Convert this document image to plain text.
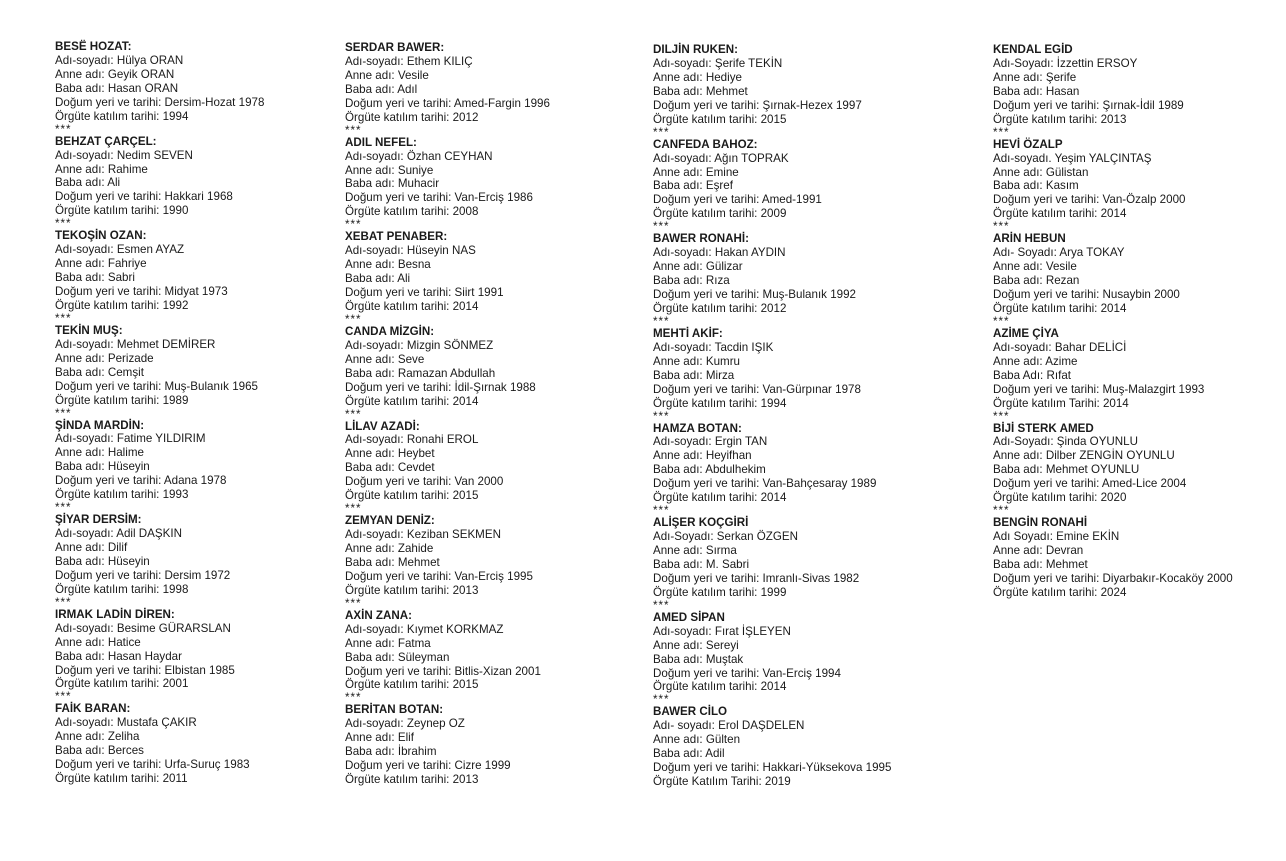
BESË HOZAT:
Adı-soyadı: Hülya ORAN
Anne adı: Geyik ORAN
Baba adı: Hasan ORAN
Doğum yeri ve tarihi: Dersim-Hozat 1978
Örgüte katılım tarihi: 1994
***
BEHZAT ÇARÇEL:
Adı-soyadı: Nedim SEVEN
Anne adı: Rahime
Baba adı: Ali
Doğum yeri ve tarihi: Hakkari 1968
Örgüte katılım tarihi: 1990
***
TEKOŞİN OZAN:
Adı-soyadı: Esmen AYAZ
Anne adı: Fahriye
Baba adı: Sabri
Doğum yeri ve tarihi: Midyat 1973
Örgüte katılım tarihi: 1992
***
TEKİN MUŞ:
Adı-soyadı: Mehmet DEMİRER
Anne adı: Perizade
Baba adı: Cemşit
Doğum yeri ve tarihi: Muş-Bulanık 1965
Örgüte katılım tarihi: 1989
***
ŞİNDA MARDİN:
Adı-soyadı: Fatime YILDIRIM
Anne adı: Halime
Baba adı: Hüseyin
Doğum yeri ve tarihi: Adana 1978
Örgüte katılım tarihi: 1993
***
ŞİYAR DERSİM:
Adı-soyadı: Adil DAŞKIN
Anne adı: Dilif
Baba adı: Hüseyin
Doğum yeri ve tarihi: Dersim 1972
Örgüte katılım tarihi: 1998
***
IRMAK LADİN DİREN:
Adı-soyadı: Besime GÜRARSLAN
Anne adı: Hatice
Baba adı: Hasan Haydar
Doğum yeri ve tarihi: Elbistan 1985
Örgüte katılım tarihi: 2001
***
FAİK BARAN:
Adı-soyadı: Mustafa ÇAKIR
Anne adı: Zeliha
Baba adı: Berces
Doğum yeri ve tarihi: Urfa-Suruç 1983
Örgüte katılım tarihi: 2011
SERDAR BAWER:
Adı-soyadı: Ethem KILIÇ
Anne adı: Vesile
Baba adı: Adıl
Doğum yeri ve tarihi: Amed-Fargin 1996
Örgüte katılım tarihi: 2012
***
ADIL NEFEL:
Adı-soyadı: Özhan CEYHAN
Anne adı: Suniye
Baba adı: Muhacir
Doğum yeri ve tarihi: Van-Erciş 1986
Örgüte katılım tarihi: 2008
***
XEBAT PENABER:
Adı-soyadı: Hüseyin NAS
Anne adı: Besna
Baba adı: Ali
Doğum yeri ve tarihi: Siirt 1991
Örgüte katılım tarihi: 2014
***
CANDA MİZGİN:
Adı-soyadı: Mizgin SÖNMEZ
Anne adı: Seve
Baba adı: Ramazan Abdullah
Doğum yeri ve tarihi: İdil-Şırnak 1988
Örgüte katılım tarihi: 2014
***
LİLAV AZADİ:
Adı-soyadı: Ronahi EROL
Anne adı: Heybet
Baba adı: Cevdet
Doğum yeri ve tarihi: Van 2000
Örgüte katılım tarihi: 2015
***
ZEMYAN DENİZ:
Adı-soyadı: Keziban SEKMEN
Anne adı: Zahide
Baba adı: Mehmet
Doğum yeri ve tarihi: Van-Erciş 1995
Örgüte katılım tarihi: 2013
***
AXİN ZANA:
Adı-soyadı: Kıymet KORKMAZ
Anne adı: Fatma
Baba adı: Süleyman
Doğum yeri ve tarihi: Bitlis-Xizan 2001
Örgüte katılım tarihi: 2015
***
BERİTAN BOTAN:
Adı-soyadı: Zeynep OZ
Anne adı: Elif
Baba adı: İbrahim
Doğum yeri ve tarihi: Cizre 1999
Örgüte katılım tarihi: 2013
DILJİN RUKEN:
Adı-soyadı: Şerife TEKİN
Anne adı: Hediye
Baba adı: Mehmet
Doğum yeri ve tarihi: Şırnak-Hezex 1997
Örgüte katılım tarihi: 2015
***
CANFEDA BAHOZ:
Adı-soyadı: Ağın TOPRAK
Anne adı: Emine
Baba adı: Eşref
Doğum yeri ve tarihi: Amed-1991
Örgüte katılım tarihi: 2009
***
BAWER RONAHİ:
Adı-soyadı: Hakan AYDIN
Anne adı: Gülizar
Baba adı: Rıza
Doğum yeri ve tarihi: Muş-Bulanık 1992
Örgüte katılım tarihi: 2012
***
MEHTİ AKİF:
Adı-soyadı: Tacdin IŞIK
Anne adı: Kumru
Baba adı: Mirza
Doğum yeri ve tarihi: Van-Gürpınar 1978
Örgüte katılım tarihi: 1994
***
HAMZA BOTAN:
Adı-soyadı: Ergin TAN
Anne adı: Heyifhan
Baba adı: Abdulhekim
Doğum yeri ve tarihi: Van-Bahçesaray 1989
Örgüte katılım tarihi: 2014
***
ALİŞER KOÇGİRİ
Adı-Soyadı: Serkan ÖZGEN
Anne adı: Sırma
Baba adı: M. Sabri
Doğum yeri ve tarihi: Imranlı-Sivas 1982
Örgüte katılım tarihi: 1999
***
AMED SİPAN
Adı-soyadı: Fırat İŞLEYEN
Anne adı: Sereyi
Baba adı: Muştak
Doğum yeri ve tarihi: Van-Erciş 1994
Örgüte katılım tarihi: 2014
***
BAWER CİLO
Adı- soyadı: Erol DAŞDELEN
Anne adı: Gülten
Baba adı: Adil
Doğum yeri ve tarihi: Hakkari-Yüksekova 1995
Örgüte Katılım Tarihi: 2019
KENDAL EGİD
Adı-Soyadı: İzzettin ERSOY
Anne adı: Şerife
Baba adı: Hasan
Doğum yeri ve tarihi: Şırnak-İdil 1989
Örgüte katılım tarihi: 2013
***
HEVİ ÖZALP
Adı-soyadı. Yeşim YALÇINTAŞ
Anne adı: Gülistan
Baba adı: Kasım
Doğum yeri ve tarihi: Van-Özalp 2000
Örgüte katılım tarihi: 2014
***
ARİN HEBUN
Adı- Soyadı: Arya TOKAY
Anne adı: Vesile
Baba adı: Rezan
Doğum yeri ve tarihi: Nusaybin 2000
Örgüte katılım tarihi: 2014
***
AZİME ÇİYA
Adı-soyadı: Bahar DELİCİ
Anne adı: Azime
Baba Adı: Rıfat
Doğum yeri ve tarihi: Muş-Malazgirt 1993
Örgüte katılım Tarihi: 2014
***
BİJİ STERK AMED
Adı-Soyadı: Şinda OYUNLU
Anne adı: Dilber ZENGİN OYUNLU
Baba adı: Mehmet OYUNLU
Doğum yeri ve tarihi: Amed-Lice 2004
Örgüte katılım tarihi: 2020
***
BENGİN RONAHİ
Adı Soyadı: Emine EKİN
Anne adı: Devran
Baba adı: Mehmet
Doğum yeri ve tarihi: Diyarbakır-Kocaköy 2000
Örgüte katılım tarihi: 2024
